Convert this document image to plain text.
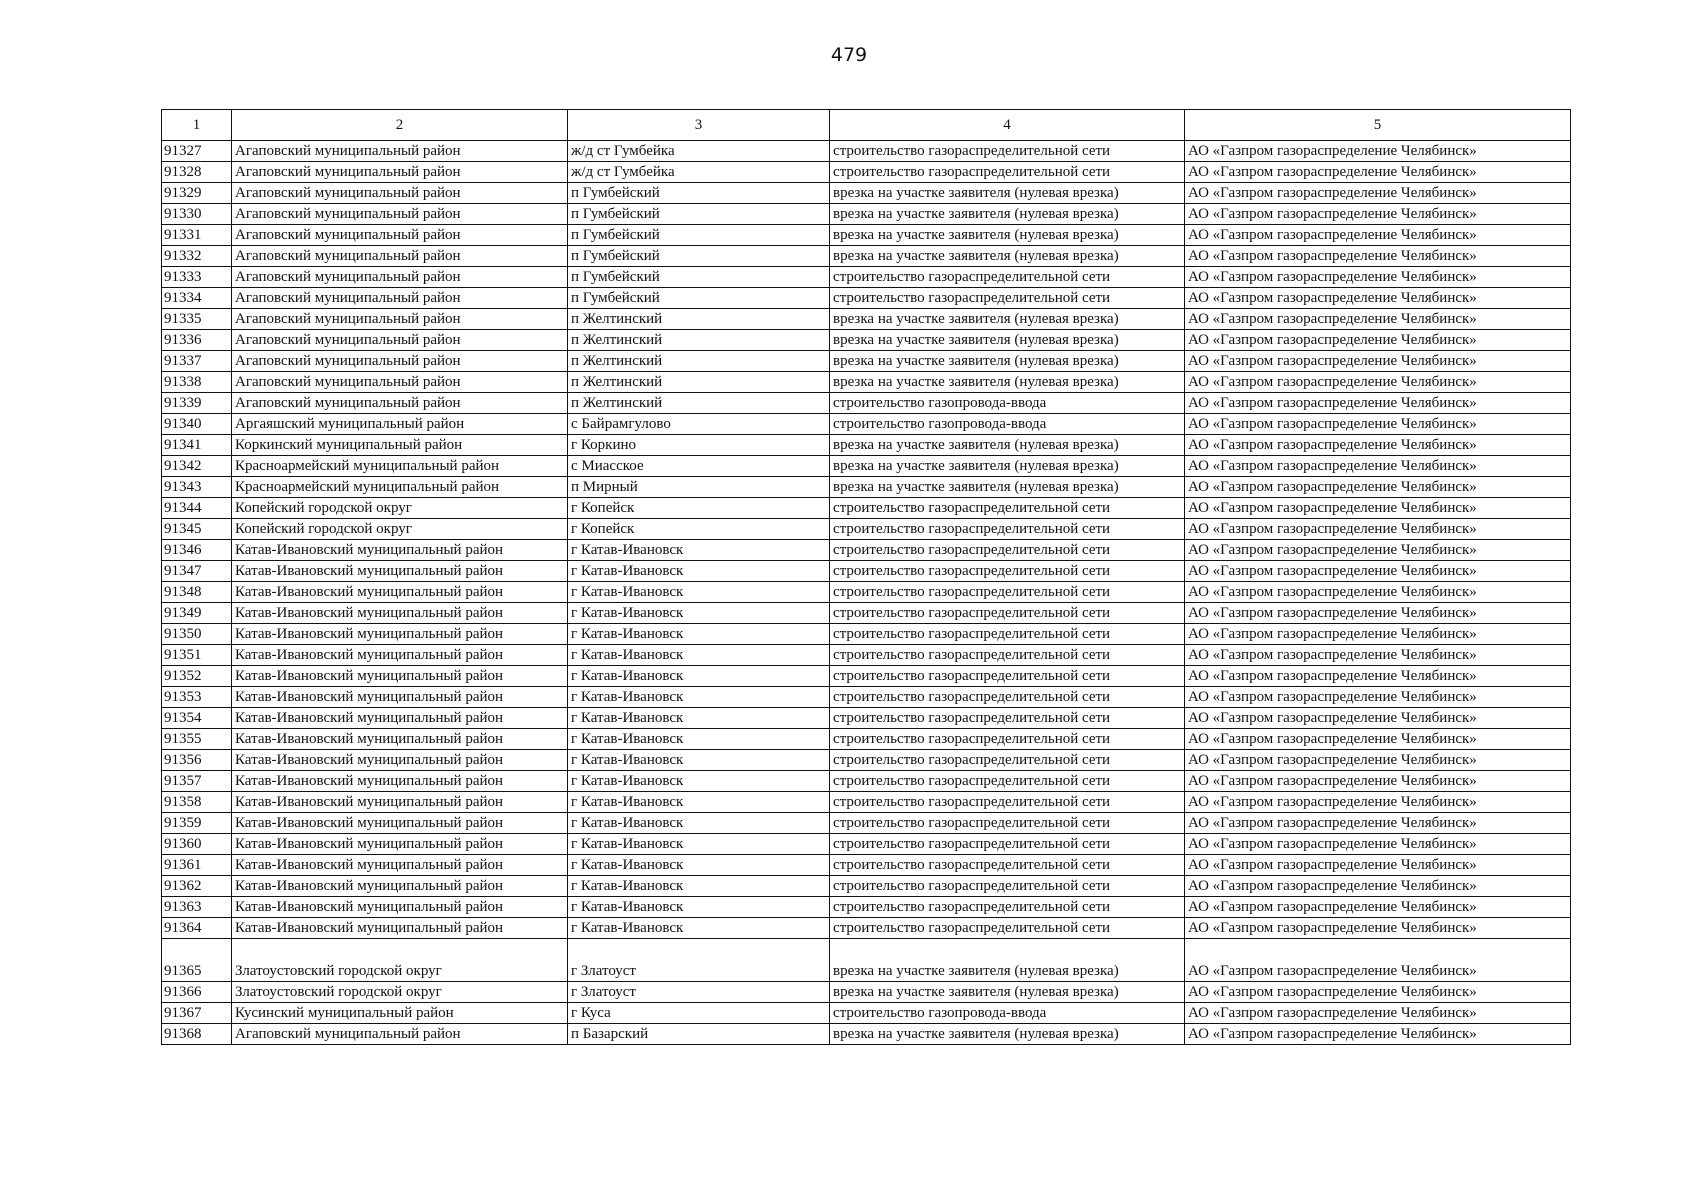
479
1	2	3	4	5
91327	Агаповский муниципальный район	ж/д ст Гумбейка	строительство газораспределительной сети	АО «Газпром газораспределение Челябинск»
91328	Агаповский муниципальный район	ж/д ст Гумбейка	строительство газораспределительной сети	АО «Газпром газораспределение Челябинск»
91329	Агаповский муниципальный район	п Гумбейский	врезка на участке заявителя (нулевая врезка)	АО «Газпром газораспределение Челябинск»
91330	Агаповский муниципальный район	п Гумбейский	врезка на участке заявителя (нулевая врезка)	АО «Газпром газораспределение Челябинск»
91331	Агаповский муниципальный район	п Гумбейский	врезка на участке заявителя (нулевая врезка)	АО «Газпром газораспределение Челябинск»
91332	Агаповский муниципальный район	п Гумбейский	врезка на участке заявителя (нулевая врезка)	АО «Газпром газораспределение Челябинск»
91333	Агаповский муниципальный район	п Гумбейский	строительство газораспределительной сети	АО «Газпром газораспределение Челябинск»
91334	Агаповский муниципальный район	п Гумбейский	строительство газораспределительной сети	АО «Газпром газораспределение Челябинск»
91335	Агаповский муниципальный район	п Желтинский	врезка на участке заявителя (нулевая врезка)	АО «Газпром газораспределение Челябинск»
91336	Агаповский муниципальный район	п Желтинский	врезка на участке заявителя (нулевая врезка)	АО «Газпром газораспределение Челябинск»
91337	Агаповский муниципальный район	п Желтинский	врезка на участке заявителя (нулевая врезка)	АО «Газпром газораспределение Челябинск»
91338	Агаповский муниципальный район	п Желтинский	врезка на участке заявителя (нулевая врезка)	АО «Газпром газораспределение Челябинск»
91339	Агаповский муниципальный район	п Желтинский	строительство газопровода-ввода	АО «Газпром газораспределение Челябинск»
91340	Аргаяшский муниципальный район	с Байрамгулово	строительство газопровода-ввода	АО «Газпром газораспределение Челябинск»
91341	Коркинский муниципальный район	г Коркино	врезка на участке заявителя (нулевая врезка)	АО «Газпром газораспределение Челябинск»
91342	Красноармейский муниципальный район	с Миасское	врезка на участке заявителя (нулевая врезка)	АО «Газпром газораспределение Челябинск»
91343	Красноармейский муниципальный район	п Мирный	врезка на участке заявителя (нулевая врезка)	АО «Газпром газораспределение Челябинск»
91344	Копейский городской округ	г Копейск	строительство газораспределительной сети	АО «Газпром газораспределение Челябинск»
91345	Копейский городской округ	г Копейск	строительство газораспределительной сети	АО «Газпром газораспределение Челябинск»
91346	Катав-Ивановский муниципальный район	г Катав-Ивановск	строительство газораспределительной сети	АО «Газпром газораспределение Челябинск»
91347	Катав-Ивановский муниципальный район	г Катав-Ивановск	строительство газораспределительной сети	АО «Газпром газораспределение Челябинск»
91348	Катав-Ивановский муниципальный район	г Катав-Ивановск	строительство газораспределительной сети	АО «Газпром газораспределение Челябинск»
91349	Катав-Ивановский муниципальный район	г Катав-Ивановск	строительство газораспределительной сети	АО «Газпром газораспределение Челябинск»
91350	Катав-Ивановский муниципальный район	г Катав-Ивановск	строительство газораспределительной сети	АО «Газпром газораспределение Челябинск»
91351	Катав-Ивановский муниципальный район	г Катав-Ивановск	строительство газораспределительной сети	АО «Газпром газораспределение Челябинск»
91352	Катав-Ивановский муниципальный район	г Катав-Ивановск	строительство газораспределительной сети	АО «Газпром газораспределение Челябинск»
91353	Катав-Ивановский муниципальный район	г Катав-Ивановск	строительство газораспределительной сети	АО «Газпром газораспределение Челябинск»
91354	Катав-Ивановский муниципальный район	г Катав-Ивановск	строительство газораспределительной сети	АО «Газпром газораспределение Челябинск»
91355	Катав-Ивановский муниципальный район	г Катав-Ивановск	строительство газораспределительной сети	АО «Газпром газораспределение Челябинск»
91356	Катав-Ивановский муниципальный район	г Катав-Ивановск	строительство газораспределительной сети	АО «Газпром газораспределение Челябинск»
91357	Катав-Ивановский муниципальный район	г Катав-Ивановск	строительство газораспределительной сети	АО «Газпром газораспределение Челябинск»
91358	Катав-Ивановский муниципальный район	г Катав-Ивановск	строительство газораспределительной сети	АО «Газпром газораспределение Челябинск»
91359	Катав-Ивановский муниципальный район	г Катав-Ивановск	строительство газораспределительной сети	АО «Газпром газораспределение Челябинск»
91360	Катав-Ивановский муниципальный район	г Катав-Ивановск	строительство газораспределительной сети	АО «Газпром газораспределение Челябинск»
91361	Катав-Ивановский муниципальный район	г Катав-Ивановск	строительство газораспределительной сети	АО «Газпром газораспределение Челябинск»
91362	Катав-Ивановский муниципальный район	г Катав-Ивановск	строительство газораспределительной сети	АО «Газпром газораспределение Челябинск»
91363	Катав-Ивановский муниципальный район	г Катав-Ивановск	строительство газораспределительной сети	АО «Газпром газораспределение Челябинск»
91364	Катав-Ивановский муниципальный район	г Катав-Ивановск	строительство газораспределительной сети	АО «Газпром газораспределение Челябинск»
91365	Златоустовский городской округ	г Златоуст	врезка на участке заявителя (нулевая врезка)	АО «Газпром газораспределение Челябинск»
91366	Златоустовский городской округ	г Златоуст	врезка на участке заявителя (нулевая врезка)	АО «Газпром газораспределение Челябинск»
91367	Кусинский муниципальный район	г Куса	строительство газопровода-ввода	АО «Газпром газораспределение Челябинск»
91368	Агаповский муниципальный район	п Базарский	врезка на участке заявителя (нулевая врезка)	АО «Газпром газораспределение Челябинск»
